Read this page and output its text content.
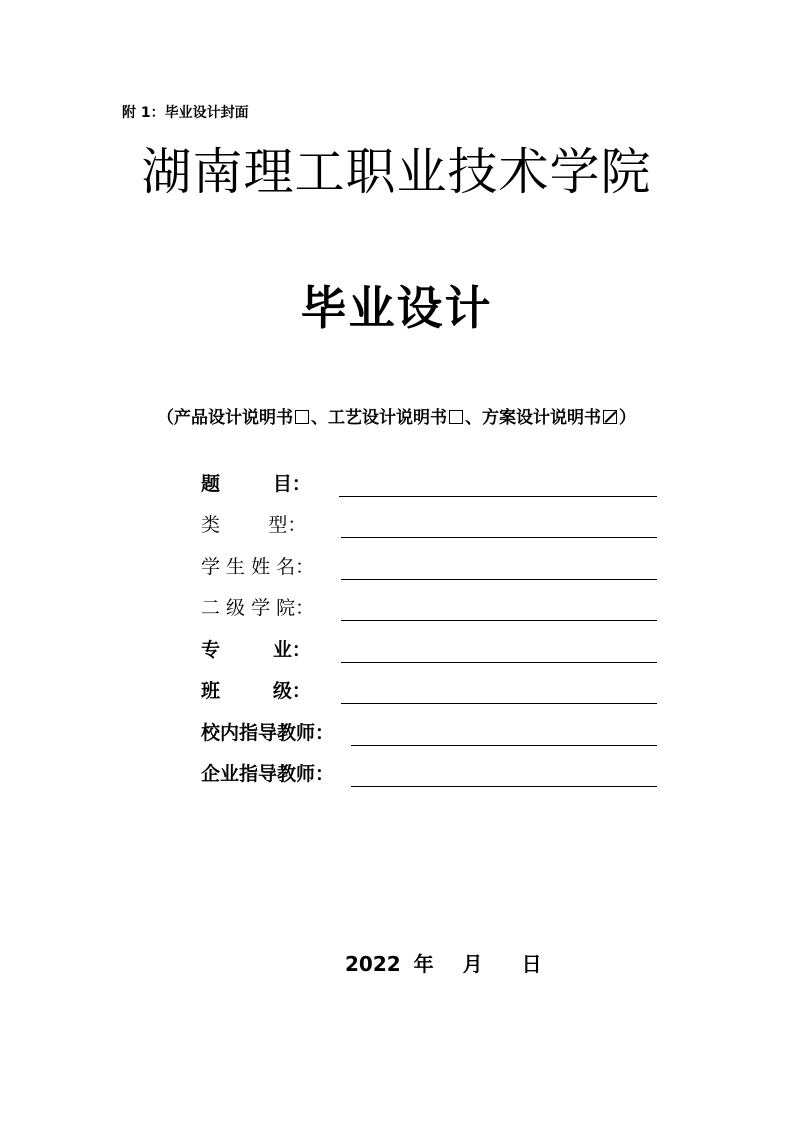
附 1：毕业设计封面
湖南理工职业技术学院
毕业设计
（产品设计说明书 、工艺设计说明书 、方案设计说明书 ）
题        目：
类        型：
学 生 姓 名：
二 级 学 院：
专        业：
班        级：
校内指导教师：
企业指导教师：
2022 年 月 日
